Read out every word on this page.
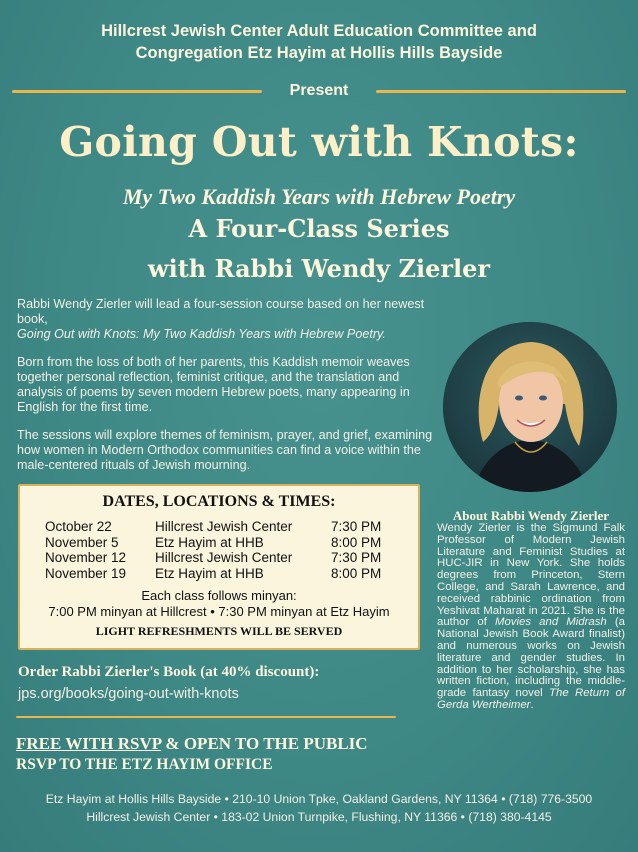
Hillcrest Jewish Center Adult Education Committee and
Congregation Etz Hayim at Hollis Hills Bayside
Present
Going Out with Knots:
My Two Kaddish Years with Hebrew Poetry
A Four-Class Series
with Rabbi Wendy Zierler

Rabbi Wendy Zierler will lead a four-session course based on her newest book,
Going Out with Knots: My Two Kaddish Years with Hebrew Poetry.

Born from the loss of both of her parents, this Kaddish memoir weaves together personal reflection, feminist critique, and the translation and analysis of poems by seven modern Hebrew poets, many appearing in English for the first time.

The sessions will explore themes of feminism, prayer, and grief, examining how women in Modern Orthodox communities can find a voice within the male-centered rituals of Jewish mourning.

DATES, LOCATIONS & TIMES:
October 22	Hillcrest Jewish Center	7:30 PM
November 5	Etz Hayim at HHB	8:00 PM
November 12	Hillcrest Jewish Center	7:30 PM
November 19	Etz Hayim at HHB	8:00 PM
Each class follows minyan:
7:00 PM minyan at Hillcrest • 7:30 PM minyan at Etz Hayim
LIGHT REFRESHMENTS WILL BE SERVED
About Rabbi Wendy Zierler
Wendy Zierler is the Sigmund Falk Professor of Modern Jewish Literature and Feminist Studies at HUC-JIR in New York. She holds degrees from Princeton, Stern College, and Sarah Lawrence, and received rabbinic ordination from Yeshivat Maharat in 2021. She is the author of Movies and Midrash (a National Jewish Book Award finalist) and numerous works on Jewish literature and gender studies. In addition to her scholarship, she has written fiction, including the middle-grade fantasy novel The Return of Gerda Wertheimer.
Order Rabbi Zierler's Book (at 40% discount):
jps.org/books/going-out-with-knots
FREE WITH RSVP & OPEN TO THE PUBLIC
RSVP TO THE ETZ HAYIM OFFICE
Etz Hayim at Hollis Hills Bayside • 210-10 Union Tpke, Oakland Gardens, NY 11364 • (718) 776-3500
Hillcrest Jewish Center • 183-02 Union Turnpike, Flushing, NY 11366 • (718) 380-4145
